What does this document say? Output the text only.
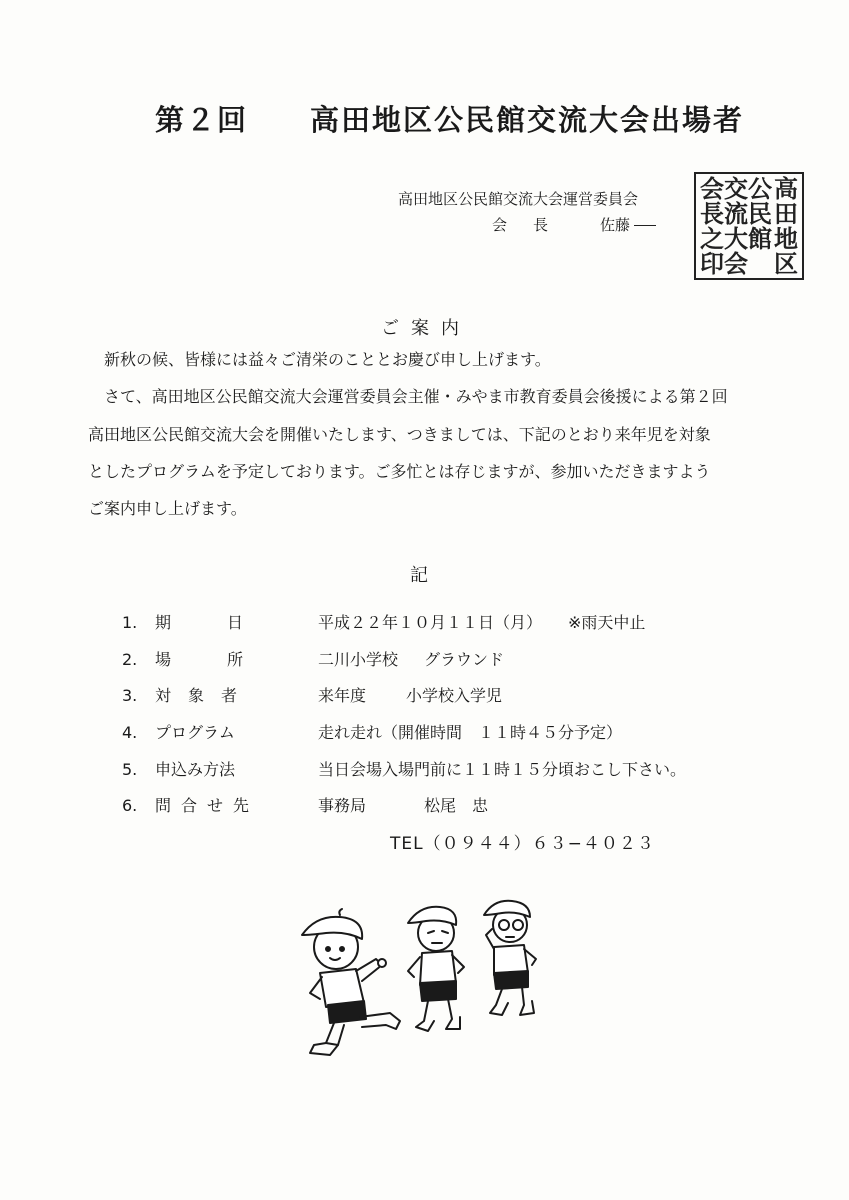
第２回 高田地区公民館交流大会出場者
高田地区公民館交流大会運営委員会
会長 佐藤
高田地区
公民館
交流大会
会長之印
ご案内
新秋の候、皆様には益々ご清栄のこととお慶び申し上げます。
さて、高田地区公民館交流大会運営委員会主催・みやま市教育委員会後援による第２回
高田地区公民館交流大会を開催いたします、つきましては、下記のとおり来年児を対象
としたプログラムを予定しております。ご多忙とは存じますが、参加いただきますよう
ご案内申し上げます。
記
1. 期日 平成２２年１０月１１日（月） ※雨天中止
2. 場所 二川小学校 グラウンド
3. 対象者	来年度	小学校入学児
4. プログラム	走れ走れ（開催時間　１１時４５分予定）
5. 申込み方法	当日会場入場門前に１１時１５分頃おこし下さい。
6. 問合せ先	事務局	松尾　忠
TEL（０９４４）６３−４０２３
